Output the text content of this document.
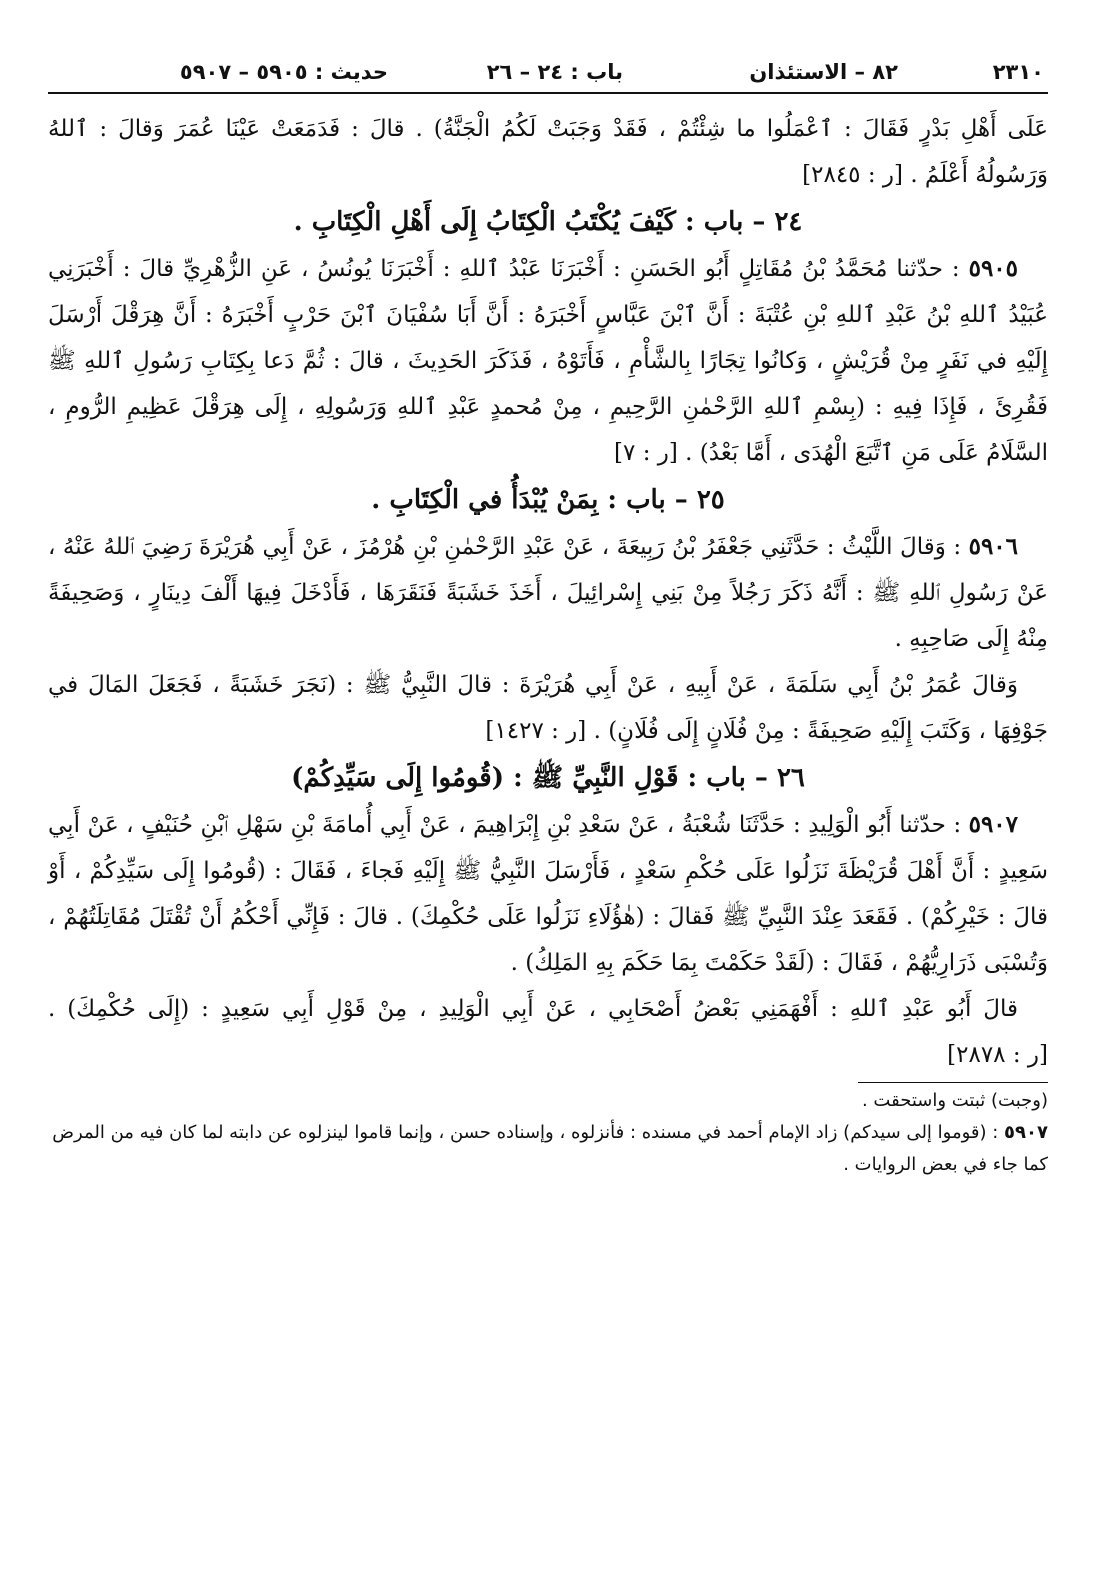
٢٣١٠
٨٢ – الاستئذان
باب : ٢٤ – ٢٦
حديث : ٥٩٠٥ – ٥٩٠٧

عَلَى أَهْلِ بَدْرٍ فَقَالَ : ٱعْمَلُوا ما شِئْتُمْ ، فَقَدْ وَجَبَتْ لَكُمُ الْجَنَّةُ) . قالَ : فَدَمَعَتْ عَيْنَا عُمَرَ وَقالَ : ٱللهُ وَرَسُولُهُ أَعْلَمُ . [ر : ٢٨٤٥]

٢٤ – باب : كَيْفَ يُكْتَبُ الْكِتَابُ إِلَى أَهْلِ الْكِتَابِ .

٥٩٠٥ : حدّثنا مُحَمَّدُ بْنُ مُقَاتِلٍ أَبُو الحَسَنِ : أَخْبَرَنَا عَبْدُ ٱللهِ : أَخْبَرَنَا يُونُسُ ، عَنِ الزُّهْرِيِّ قالَ : أَخْبَرَنِي عُبَيْدُ ٱللهِ بْنُ عَبْدِ ٱللهِ بْنِ عُتْبَةَ : أَنَّ ٱبْنَ عَبَّاسٍ أَخْبَرَهُ : أَنَّ أَبَا سُفْيَانَ ٱبْنَ حَرْبٍ أَخْبَرَهُ : أَنَّ هِرَقْلَ أَرْسَلَ إِلَيْهِ في نَفَرٍ مِنْ قُرَيْشٍ ، وَكانُوا تِجَارًا بِالشَّأْمِ ، فَأَتَوْهُ ، فَذَكَرَ الحَدِيثَ ، قالَ : ثُمَّ دَعا بِكِتَابِ رَسُولِ ٱللهِ ﷺ فَقُرِئَ ، فَإِذَا فِيهِ : (بِسْمِ ٱللهِ الرَّحْمٰنِ الرَّحِيمِ ، مِنْ مُحمدٍ عَبْدِ ٱللهِ وَرَسُولِهِ ، إِلَى هِرَقْلَ عَظِيمِ الرُّومِ ، السَّلَامُ عَلَى مَنِ ٱتَّبَعَ الْهُدَى ، أَمَّا بَعْدُ) . [ر : ٧]

٢٥ – باب : بِمَنْ يُبْدَأُ في الْكِتَابِ .

٥٩٠٦ : وَقالَ اللَّيْثُ : حَدَّثَنِي جَعْفَرُ بْنُ رَبِيعَةَ ، عَنْ عَبْدِ الرَّحْمٰنِ بْنِ هُرْمُزَ ، عَنْ أَبِي هُرَيْرَةَ رَضِيَ ٱللهُ عَنْهُ ، عَنْ رَسُولِ ٱللهِ ﷺ : أَنَّهُ ذَكَرَ رَجُلاً مِنْ بَنِي إِسْرائِيلَ ، أَخَذَ خَشَبَةً فَنَقَرَهَا ، فَأَدْخَلَ فِيهَا أَلْفَ دِينَارٍ ، وَصَحِيفَةً مِنْهُ إِلَى صَاحِبِهِ .

وَقالَ عُمَرُ بْنُ أَبِي سَلَمَةَ ، عَنْ أَبِيهِ ، عَنْ أَبِي هُرَيْرَةَ : قالَ النَّبِيُّ ﷺ : (نَجَرَ خَشَبَةً ، فَجَعَلَ المَالَ في جَوْفِهَا ، وَكَتَبَ إِلَيْهِ صَحِيفَةً : مِنْ فُلَانٍ إِلَى فُلَانٍ) . [ر : ١٤٢٧]

٢٦ – باب : قَوْلِ النَّبِيِّ ﷺ : (قُومُوا إِلَى سَيِّدِكُمْ)

٥٩٠٧ : حدّثنا أَبُو الْوَلِيدِ : حَدَّثَنَا شُعْبَةُ ، عَنْ سَعْدِ بْنِ إِبْرَاهِيمَ ، عَنْ أَبِي أُمامَةَ بْنِ سَهْلِ ٱبْنِ حُنَيْفٍ ، عَنْ أَبِي سَعِيدٍ : أَنَّ أَهْلَ قُرَيْظَةَ نَزَلُوا عَلَى حُكْمِ سَعْدٍ ، فَأَرْسَلَ النَّبِيُّ ﷺ إِلَيْهِ فَجاءَ ، فَقَالَ : (قُومُوا إِلَى سَيِّدِكُمْ ، أَوْ قالَ : خَيْرِكُمْ) . فَقَعَدَ عِنْدَ النَّبِيِّ ﷺ فَقالَ : (هٰؤُلَاءِ نَزَلُوا عَلَى حُكْمِكَ) . قالَ : فَإِنِّي أَحْكُمُ أَنْ تُقْتَلَ مُقَاتِلَتُهُمْ ، وَتُسْبَى ذَرَارِيُّهُمْ ، فَقَالَ : (لَقَدْ حَكَمْتَ بِمَا حَكَمَ بِهِ المَلِكُ) .

قالَ أَبُو عَبْدِ ٱللهِ : أَفْهَمَنِي بَعْضُ أَصْحَابِي ، عَنْ أَبِي الْوَلِيدِ ، مِنْ قَوْلِ أَبِي سَعِيدٍ : (إِلَى حُكْمِكَ) . [ر : ٢٨٧٨]

(وجبت) ثبتت واستحقت .

٥٩٠٧ : (قوموا إلى سيدكم) زاد الإمام أحمد في مسنده : فأنزلوه ، وإسناده حسن ، وإنما قاموا لينزلوه عن دابته لما كان فيه من المرض كما جاء في بعض الروايات .
